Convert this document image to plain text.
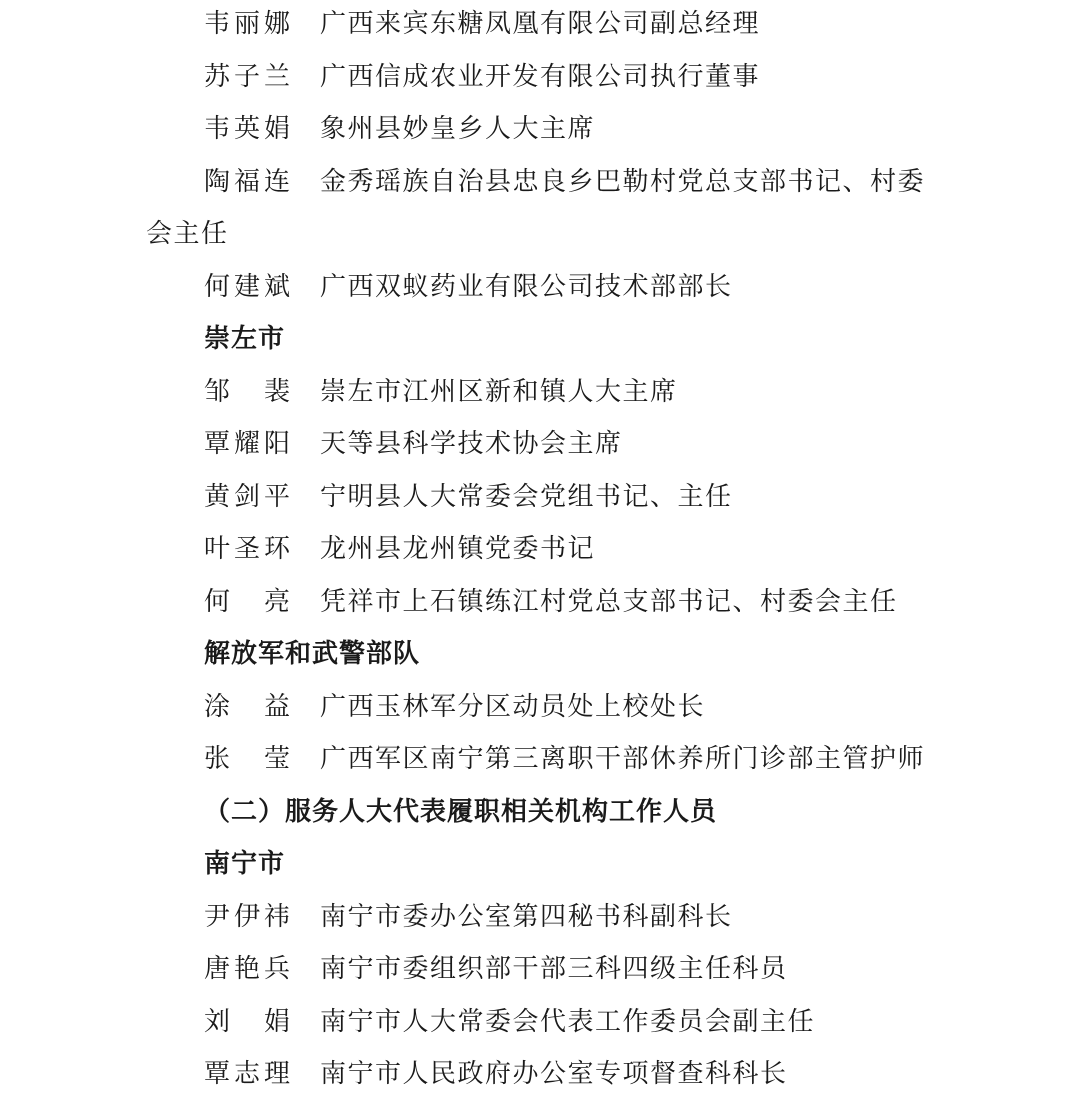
韦 丽 娜 广西来宾东糖凤凰有限公司副总经理
苏 子 兰 广西信成农业开发有限公司执行董事
韦 英 娟 象州县妙皇乡人大主席
陶 福 连 金秀瑶族自治县忠良乡巴勒村党总支部书记、村委
会主任
何 建 斌 广西双蚁药业有限公司技术部部长
崇左市
邹 裴 崇左市江州区新和镇人大主席
覃 耀 阳 天等县科学技术协会主席
黄 剑 平 宁明县人大常委会党组书记、主任
叶 圣 环 龙州县龙州镇党委书记
何 亮 凭祥市上石镇练江村党总支部书记、村委会主任
解放军和武警部队
涂 益 广西玉林军分区动员处上校处长
张 莹 广西军区南宁第三离职干部休养所门诊部主管护师
（二）服务人大代表履职相关机构工作人员
南宁市
尹 伊 祎 南宁市委办公室第四秘书科副科长
唐 艳 兵 南宁市委组织部干部三科四级主任科员
刘 娟 南宁市人大常委会代表工作委员会副主任
覃 志 理 南宁市人民政府办公室专项督查科科长
